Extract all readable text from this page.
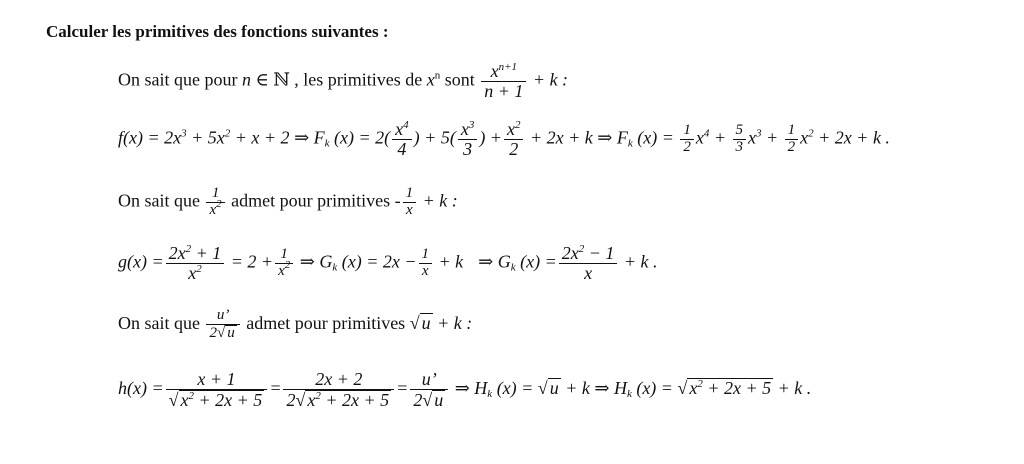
Calculer les primitives des fonctions suivantes :
On sait que pour n ∈ ℕ , les primitives de $x^n$ sont $\frac{x^{n+1}}{n + 1} + k$ :
$f(x) = 2x^3 + 5x^2 + x + 2$ ⇒ $F_k$ $(x) = 2( \frac{x^4}{4}$ ) + $5( \frac{x^3}{3}$ ) + $\frac{x^2}{2} + 2x + k$ ⇒ $F_k$ $(x) = \frac{1}{2} x^4 + \frac{5}{3} x^3 + \frac{1}{2} x^2 + 2x + k$ .
On sait que $\frac{1}{x^2}$ admet pour primitives - $\frac{1}{x} + k$ :
$g(x) = \frac{2x^2 + 1}{x^2} = 2 + \frac{1}{x^2}$ ⇒ $G_k$ $(x) = 2x - \frac{1}{x} + k$  ⇒ $G_k$ $(x) = \frac{2x^2 - 1}{x} + k$ .
On sait que $\frac{u’}{2√ u}$ admet pour primitives √ u + k :
$h(x) = \frac{x + 1}{√ x^2 + 2x + 5} = \frac{2x + 2}{2√ x^2 + 2x + 5} = \frac{u’}{2√ u}$ ⇒ $H_k$ (x) = √ u + k ⇒ $H_k$ (x) = √ $x^2 + 2x + 5 + k$ .
